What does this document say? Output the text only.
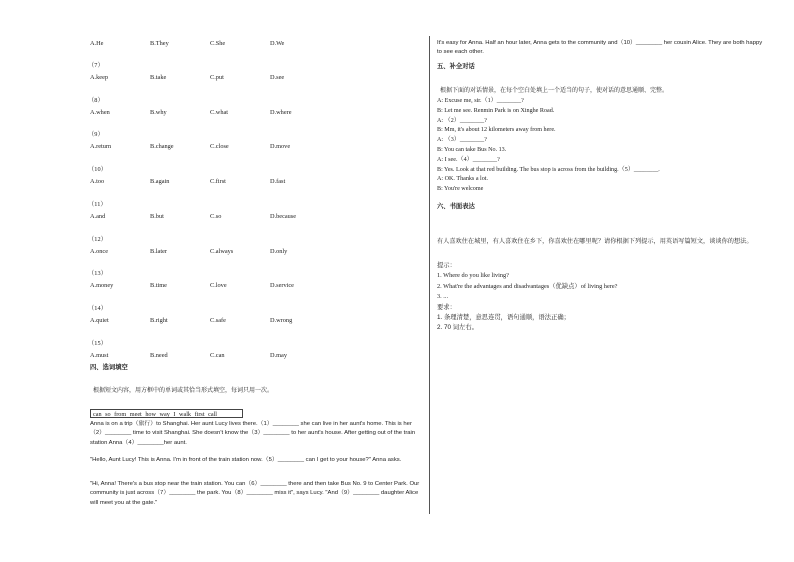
A.He	B.They	C.She	D.We
（7）
A.keep	B.take	C.put	D.see
（8）
A.when	B.why	C.what	D.where
（9）
A.return	B.change	C.close	D.move
（10）
A.too	B.again	C.first	D.fast
（11）
A.and	B.but	C.so	D.because
（12）
A.once	B.later	C.always	D.only
（13）
A.money	B.time	C.love	D.service
（14）
A.quiet	B.right	C.safe	D.wrong
（15）
A.must	B.need	C.can	D.may
四、选词填空
根据短文内容，用方框中的单词或其恰当形式填空，每词只用一次。
can so from meet how way I walk first call
Anna is on a trip（旅行）to Shanghai. Her aunt Lucy lives there.（1）________ she can live in her aunt's home. This is her（2）________ time to visit Shanghai. She doesn't know the（3）________ to her aunt's house. After getting out of the train station Anna（4）________her aunt.
"Hello, Aunt Lucy! This is Anna. I'm in front of the train station now.（5）________ can I get to your house?" Anna asks.
"Hi, Anna! There's a bus stop near the train station. You can（6）________ there and then take Bus No. 9 to Center Park. Our community is just across（7）________ the park. You（8）________ miss it", says Lucy. "And（9）________ daughter Alice will meet you at the gate."
It's easy for Anna. Half an hour later, Anna gets to the community and（10）________ her cousin Alice. They are both happy to see each other.
五、补全对话
根据下面的对话情景，在每个空白处填上一个适当的句子，使对话的意思通顺、完整。
A: Excuse me, sir.（1）________?
B: Let me see. Renmin Park is on Xinghe Road.
A: （2）________?
B: Mm, it's about 12 kilometers away from here.
A: （3）________?
B: You can take Bus No. 13.
A: I see.（4）________?
B: Yes. Look at that red building. The bus stop is across from the building.（5）________.
A: OK. Thanks a lot.
B: You're welcome
六、书面表达
有人喜欢住在城里，有人喜欢住在乡下，你喜欢住在哪里呢？请你根据下列提示，用英语写篇短文，谈谈你的想法。
提示：
1. Where do you like living?
2. What're the advantages and disadvantages（优缺点）of living here?
3. ...
要求：
1. 条理清楚，意思连贯，语句通顺，语法正确；
2. 70 词左右。
